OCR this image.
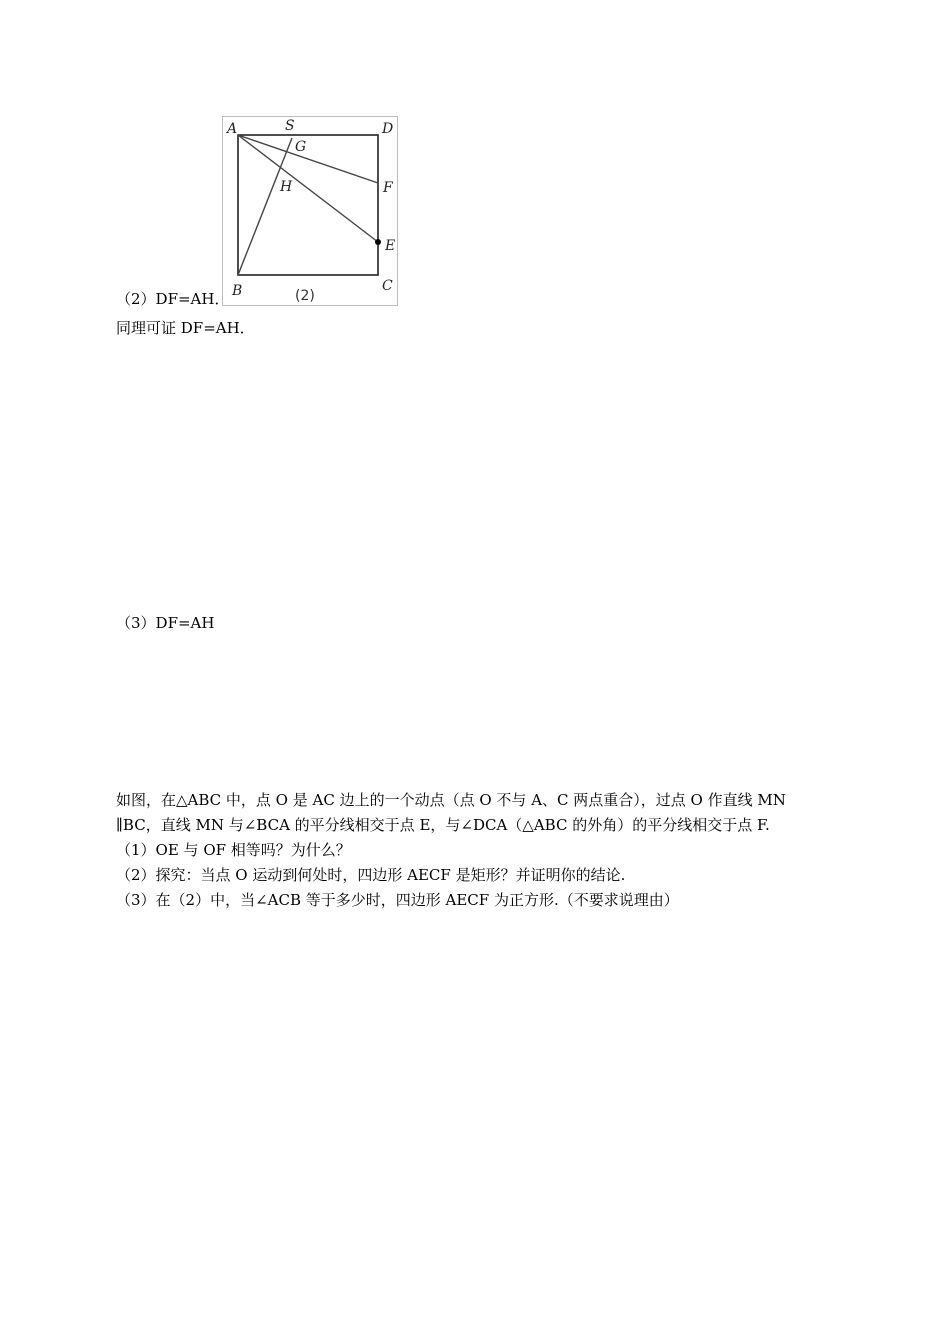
A	S	D
G
F
H
E
B	C
(2)
（2）DF=AH．
同理可证 DF=AH．
（3）DF=AH
如图，在△ABC 中，点 O 是 AC 边上的一个动点（点 O 不与 A、C 两点重合），过点 O 作直线 MN
∥BC，直线 MN 与∠BCA 的平分线相交于点 E，与∠DCA（△ABC 的外角）的平分线相交于点 F.
（1）OE 与 OF 相等吗？为什么？
（2）探究：当点 O 运动到何处时，四边形 AECF 是矩形？并证明你的结论.
（3）在（2）中，当∠ACB 等于多少时，四边形 AECF 为正方形.（不要求说理由）
